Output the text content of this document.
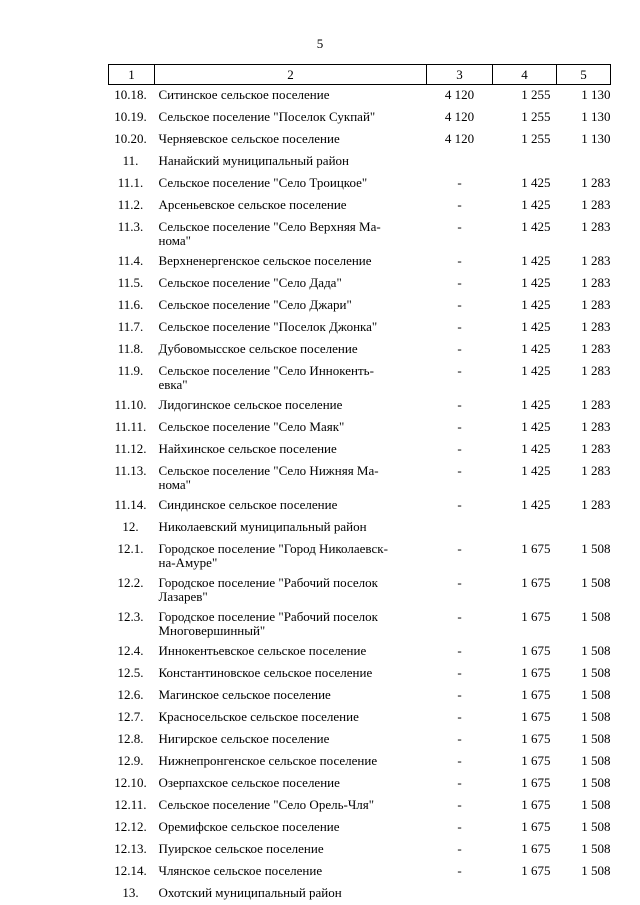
5
1	2	3	4	5
10.18.	Ситинское сельское поселение	4 120	1 255	1 130
10.19.	Сельское поселение "Поселок Сукпай"	4 120	1 255	1 130
10.20.	Черняевское сельское поселение	4 120	1 255	1 130
11.	Нанайский муниципальный район			

11.1.	Сельское поселение "Село Троицкое"	-	1 425	1 283
11.2.	Арсеньевское сельское поселение	-	1 425	1 283
11.3.	Сельское поселение "Село Верхняя Ма-
нома"	-	1 425	1 283
11.4.	Верхненергенское сельское поселение	-	1 425	1 283
11.5.	Сельское поселение "Село Дада"	-	1 425	1 283
11.6.	Сельское поселение "Село Джари"	-	1 425	1 283
11.7.	Сельское поселение "Поселок Джонка"	-	1 425	1 283
11.8.	Дубовомысское сельское поселение	-	1 425	1 283
11.9.	Сельское поселение "Село Иннокенть-
евка"	-	1 425	1 283
11.10.	Лидогинское сельское поселение	-	1 425	1 283
11.11.	Сельское поселение "Село Маяк"	-	1 425	1 283
11.12.	Найхинское сельское поселение	-	1 425	1 283
11.13.	Сельское поселение "Село Нижняя Ма-
нома"	-	1 425	1 283
11.14.	Синдинское сельское поселение	-	1 425	1 283
12.	Николаевский муниципальный район			

12.1.	Городское поселение "Город Николаевск-
на-Амуре"	-	1 675	1 508
12.2.	Городское поселение "Рабочий поселок
Лазарев"	-	1 675	1 508
12.3.	Городское поселение "Рабочий поселок
Многовершинный"	-	1 675	1 508
12.4.	Иннокентьевское сельское поселение	-	1 675	1 508
12.5.	Константиновское сельское поселение	-	1 675	1 508
12.6.	Магинское сельское поселение	-	1 675	1 508
12.7.	Красносельское сельское поселение	-	1 675	1 508
12.8.	Нигирское сельское поселение	-	1 675	1 508
12.9.	Нижнепронгенское сельское поселение	-	1 675	1 508
12.10.	Озерпахское сельское поселение	-	1 675	1 508
12.11.	Сельское поселение "Село Орель-Чля"	-	1 675	1 508
12.12.	Оремифское сельское поселение	-	1 675	1 508
12.13.	Пуирское сельское поселение	-	1 675	1 508
12.14.	Члянское сельское поселение	-	1 675	1 508
13.	Охотский муниципальный район			
